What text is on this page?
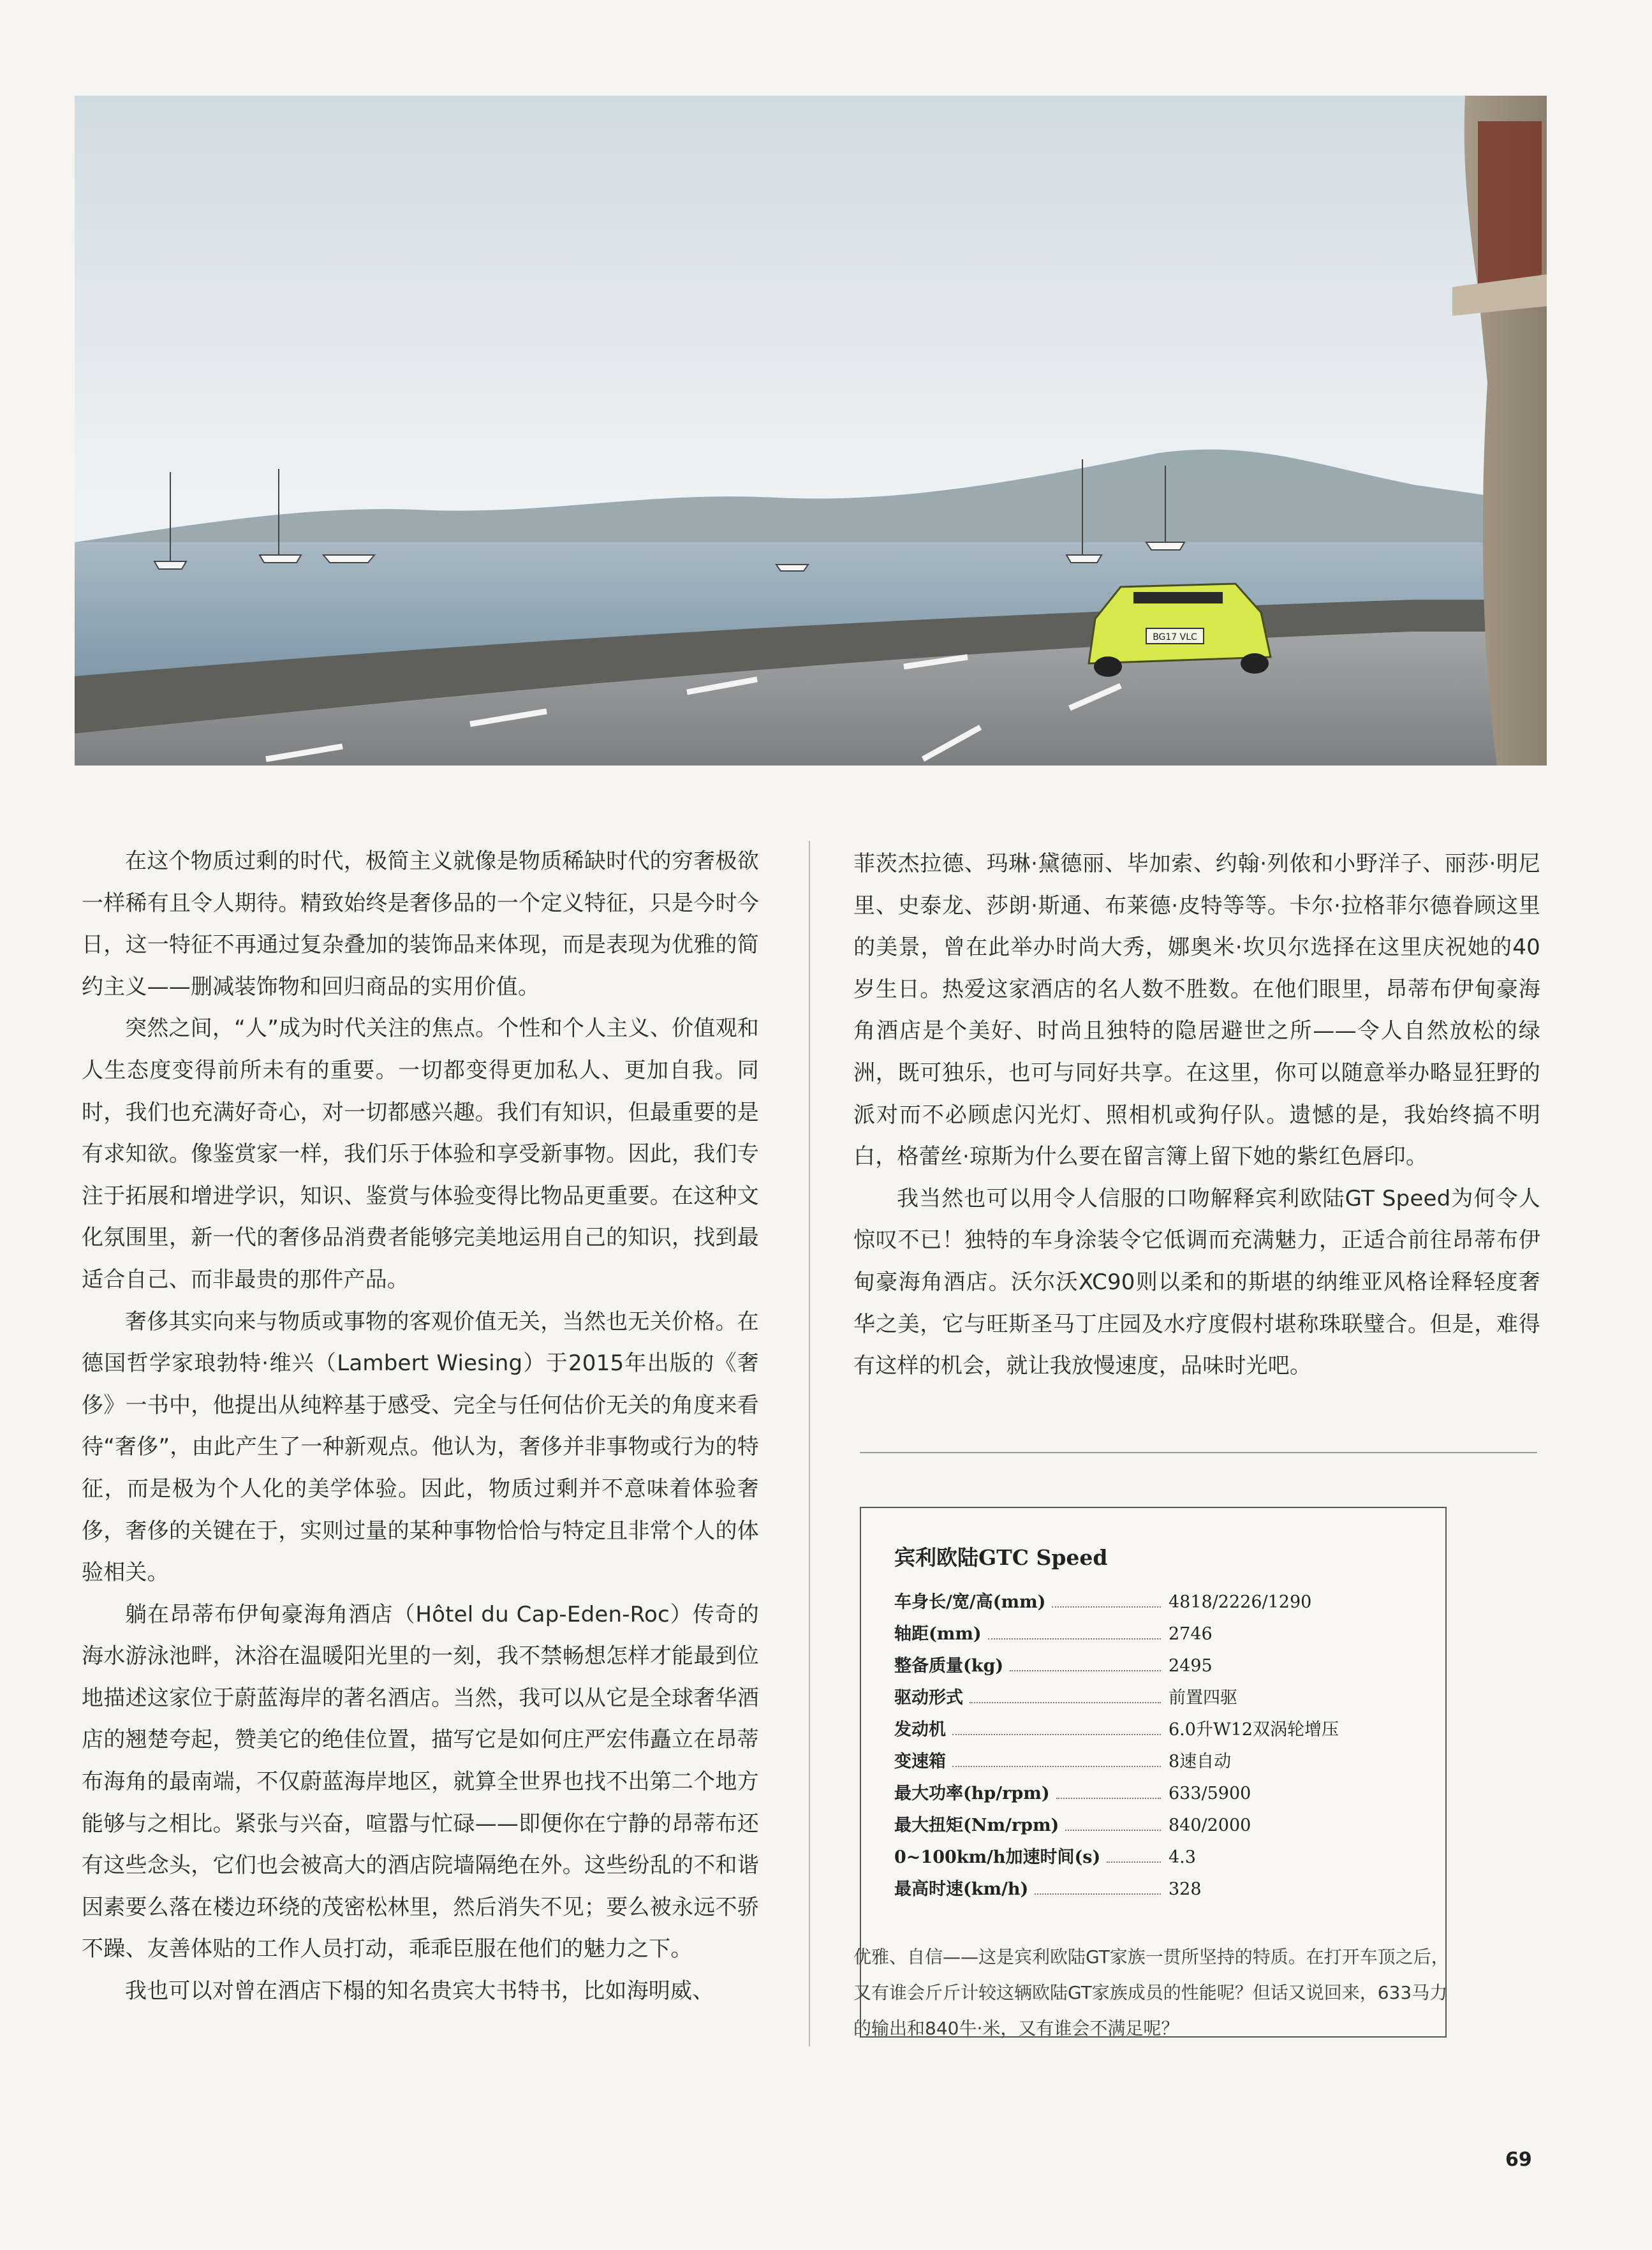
BG17 VLC

在这个物质过剩的时代，极简主义就像是物质稀缺时代的穷奢极欲一样稀有且令人期待。精致始终是奢侈品的一个定义特征，只是今时今日，这一特征不再通过复杂叠加的装饰品来体现，而是表现为优雅的简约主义——删减装饰物和回归商品的实用价值。

突然之间，“人”成为时代关注的焦点。个性和个人主义、价值观和人生态度变得前所未有的重要。一切都变得更加私人、更加自我。同时，我们也充满好奇心，对一切都感兴趣。我们有知识，但最重要的是有求知欲。像鉴赏家一样，我们乐于体验和享受新事物。因此，我们专注于拓展和增进学识，知识、鉴赏与体验变得比物品更重要。在这种文化氛围里，新一代的奢侈品消费者能够完美地运用自己的知识，找到最适合自己、而非最贵的那件产品。

奢侈其实向来与物质或事物的客观价值无关，当然也无关价格。在德国哲学家琅勃特·维兴（Lambert Wiesing）于2015年出版的《奢侈》一书中，他提出从纯粹基于感受、完全与任何估价无关的角度来看待“奢侈”，由此产生了一种新观点。他认为，奢侈并非事物或行为的特征，而是极为个人化的美学体验。因此，物质过剩并不意味着体验奢侈，奢侈的关键在于，实则过量的某种事物恰恰与特定且非常个人的体验相关。

躺在昂蒂布伊甸豪海角酒店（Hôtel du Cap-Eden-Roc）传奇的海水游泳池畔，沐浴在温暖阳光里的一刻，我不禁畅想怎样才能最到位地描述这家位于蔚蓝海岸的著名酒店。当然，我可以从它是全球奢华酒店的翘楚夸起，赞美它的绝佳位置，描写它是如何庄严宏伟矗立在昂蒂布海角的最南端，不仅蔚蓝海岸地区，就算全世界也找不出第二个地方能够与之相比。紧张与兴奋，喧嚣与忙碌——即便你在宁静的昂蒂布还有这些念头，它们也会被高大的酒店院墙隔绝在外。这些纷乱的不和谐因素要么落在楼边环绕的茂密松林里，然后消失不见；要么被永远不骄不躁、友善体贴的工作人员打动，乖乖臣服在他们的魅力之下。

我也可以对曾在酒店下榻的知名贵宾大书特书，比如海明威、

菲茨杰拉德、玛琳·黛德丽、毕加索、约翰·列侬和小野洋子、丽莎·明尼里、史泰龙、莎朗·斯通、布莱德·皮特等等。卡尔·拉格菲尔德眷顾这里的美景，曾在此举办时尚大秀，娜奥米·坎贝尔选择在这里庆祝她的40岁生日。热爱这家酒店的名人数不胜数。在他们眼里，昂蒂布伊甸豪海角酒店是个美好、时尚且独特的隐居避世之所——令人自然放松的绿洲，既可独乐，也可与同好共享。在这里，你可以随意举办略显狂野的派对而不必顾虑闪光灯、照相机或狗仔队。遗憾的是，我始终搞不明白，格蕾丝·琼斯为什么要在留言簿上留下她的紫红色唇印。

我当然也可以用令人信服的口吻解释宾利欧陆GT Speed为何令人惊叹不已！独特的车身涂装令它低调而充满魅力，正适合前往昂蒂布伊甸豪海角酒店。沃尔沃XC90则以柔和的斯堪的纳维亚风格诠释轻度奢华之美，它与旺斯圣马丁庄园及水疗度假村堪称珠联璧合。但是，难得有这样的机会，就让我放慢速度，品味时光吧。

宾利欧陆GTC Speed
车身长/宽/高(mm)	4818/2226/1290
轴距(mm)	2746
整备质量(kg)	2495
驱动形式	前置四驱
发动机	6.0升W12双涡轮增压
变速箱	8速自动
最大功率(hp/rpm)	633/5900
最大扭矩(Nm/rpm)	840/2000
0~100km/h加速时间(s)	4.3
最高时速(km/h)	328
优雅、自信——这是宾利欧陆GT家族一贯所坚持的特质。在打开车顶之后，又有谁会斤斤计较这辆欧陆GT家族成员的性能呢？但话又说回来，633马力的输出和840牛·米，又有谁会不满足呢？
69
